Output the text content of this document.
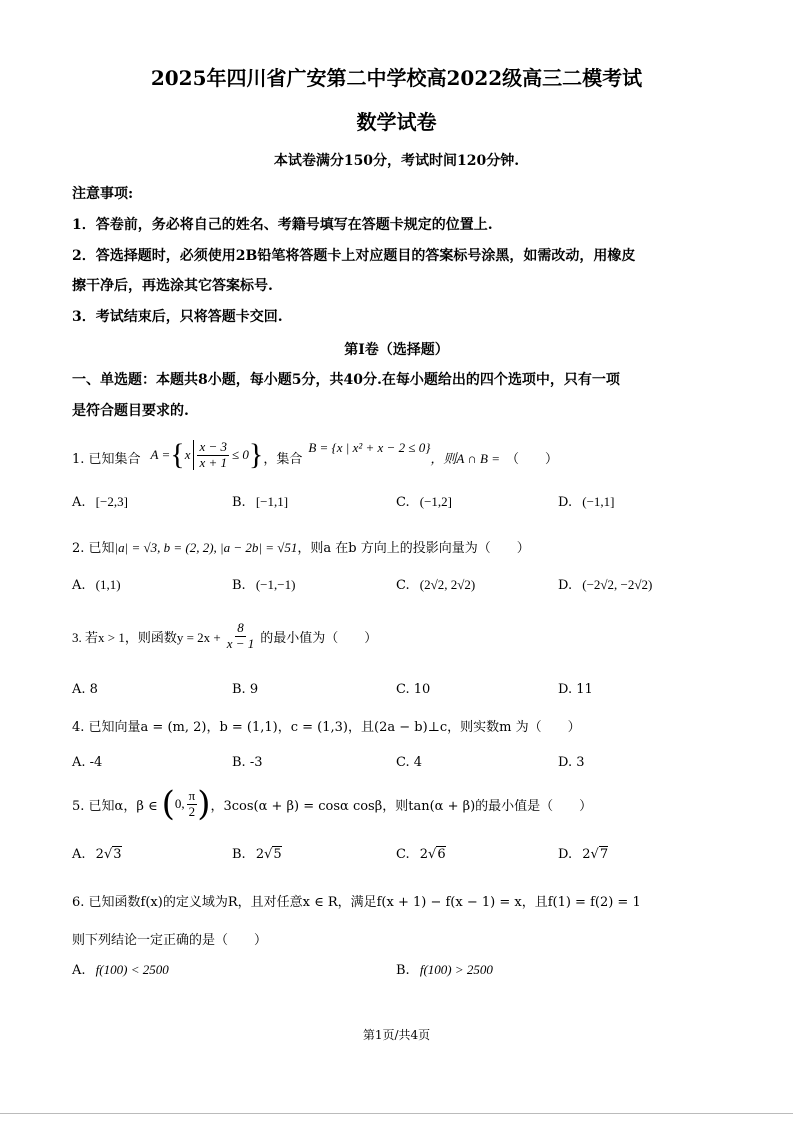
2025年四川省广安第二中学校高2022级高三二模考试
数学试卷
本试卷满分150分，考试时间120分钟.
注意事项:
1．答卷前，务必将自己的姓名、考籍号填写在答题卡规定的位置上.
2．答选择题时，必须使用2B铅笔将答题卡上对应题目的答案标号涂黑，如需改动，用橡皮
擦干净后，再选涂其它答案标号.
3．考试结束后，只将答题卡交回.
第I卷（选择题）
一、单选题：本题共8小题，每小题5分，共40分.在每小题给出的四个选项中，只有一项
是符合题目要求的.
1. 已知集合 A = { x $\frac{x - 3}{x + 1} \le 0$ } ，集合
B = {x | x² + x − 2 ≤ 0}
，则A ∩ B = （　　）
A. [−2,3]	B. [−1,1]	C. (−1,2]	D. (−1,1]
2. 已知|a| = √3, b = (2, 2), |a − 2b| = √51，则a 在b 方向上的投影向量为（　　）
A. (1,1)	B. (−1,−1)	C. (2√2, 2√2)	D. (−2√2, −2√2)
3. 若x > 1，则函数$y = 2x + \frac{8}{x - 1}$ 的最小值为（　　）
A. 8	B. 9	C. 10	D. 11
4. 已知向量a = (m, 2)，b = (1,1)，c = (1,3)，且(2a − b)⊥c，则实数m 为（　　）
A. -4	B. -3	C. 4	D. 3
5. 已知α，β ∈ ( 0, $\frac{\pi}{2}$ ) ，3cos(α + β) = cosα cosβ，则tan(α + β)的最小值是（　　）
A. 2√3	B. 2√5	C. 2√6	D. 2√7
6. 已知函数f(x)的定义域为R，且对任意x ∈ R，满足f(x + 1) − f(x − 1) = x，且f(1) = f(2) = 1
则下列结论一定正确的是（　　）
A. f(100) < 2500	B. f(100) > 2500
第1页/共4页
